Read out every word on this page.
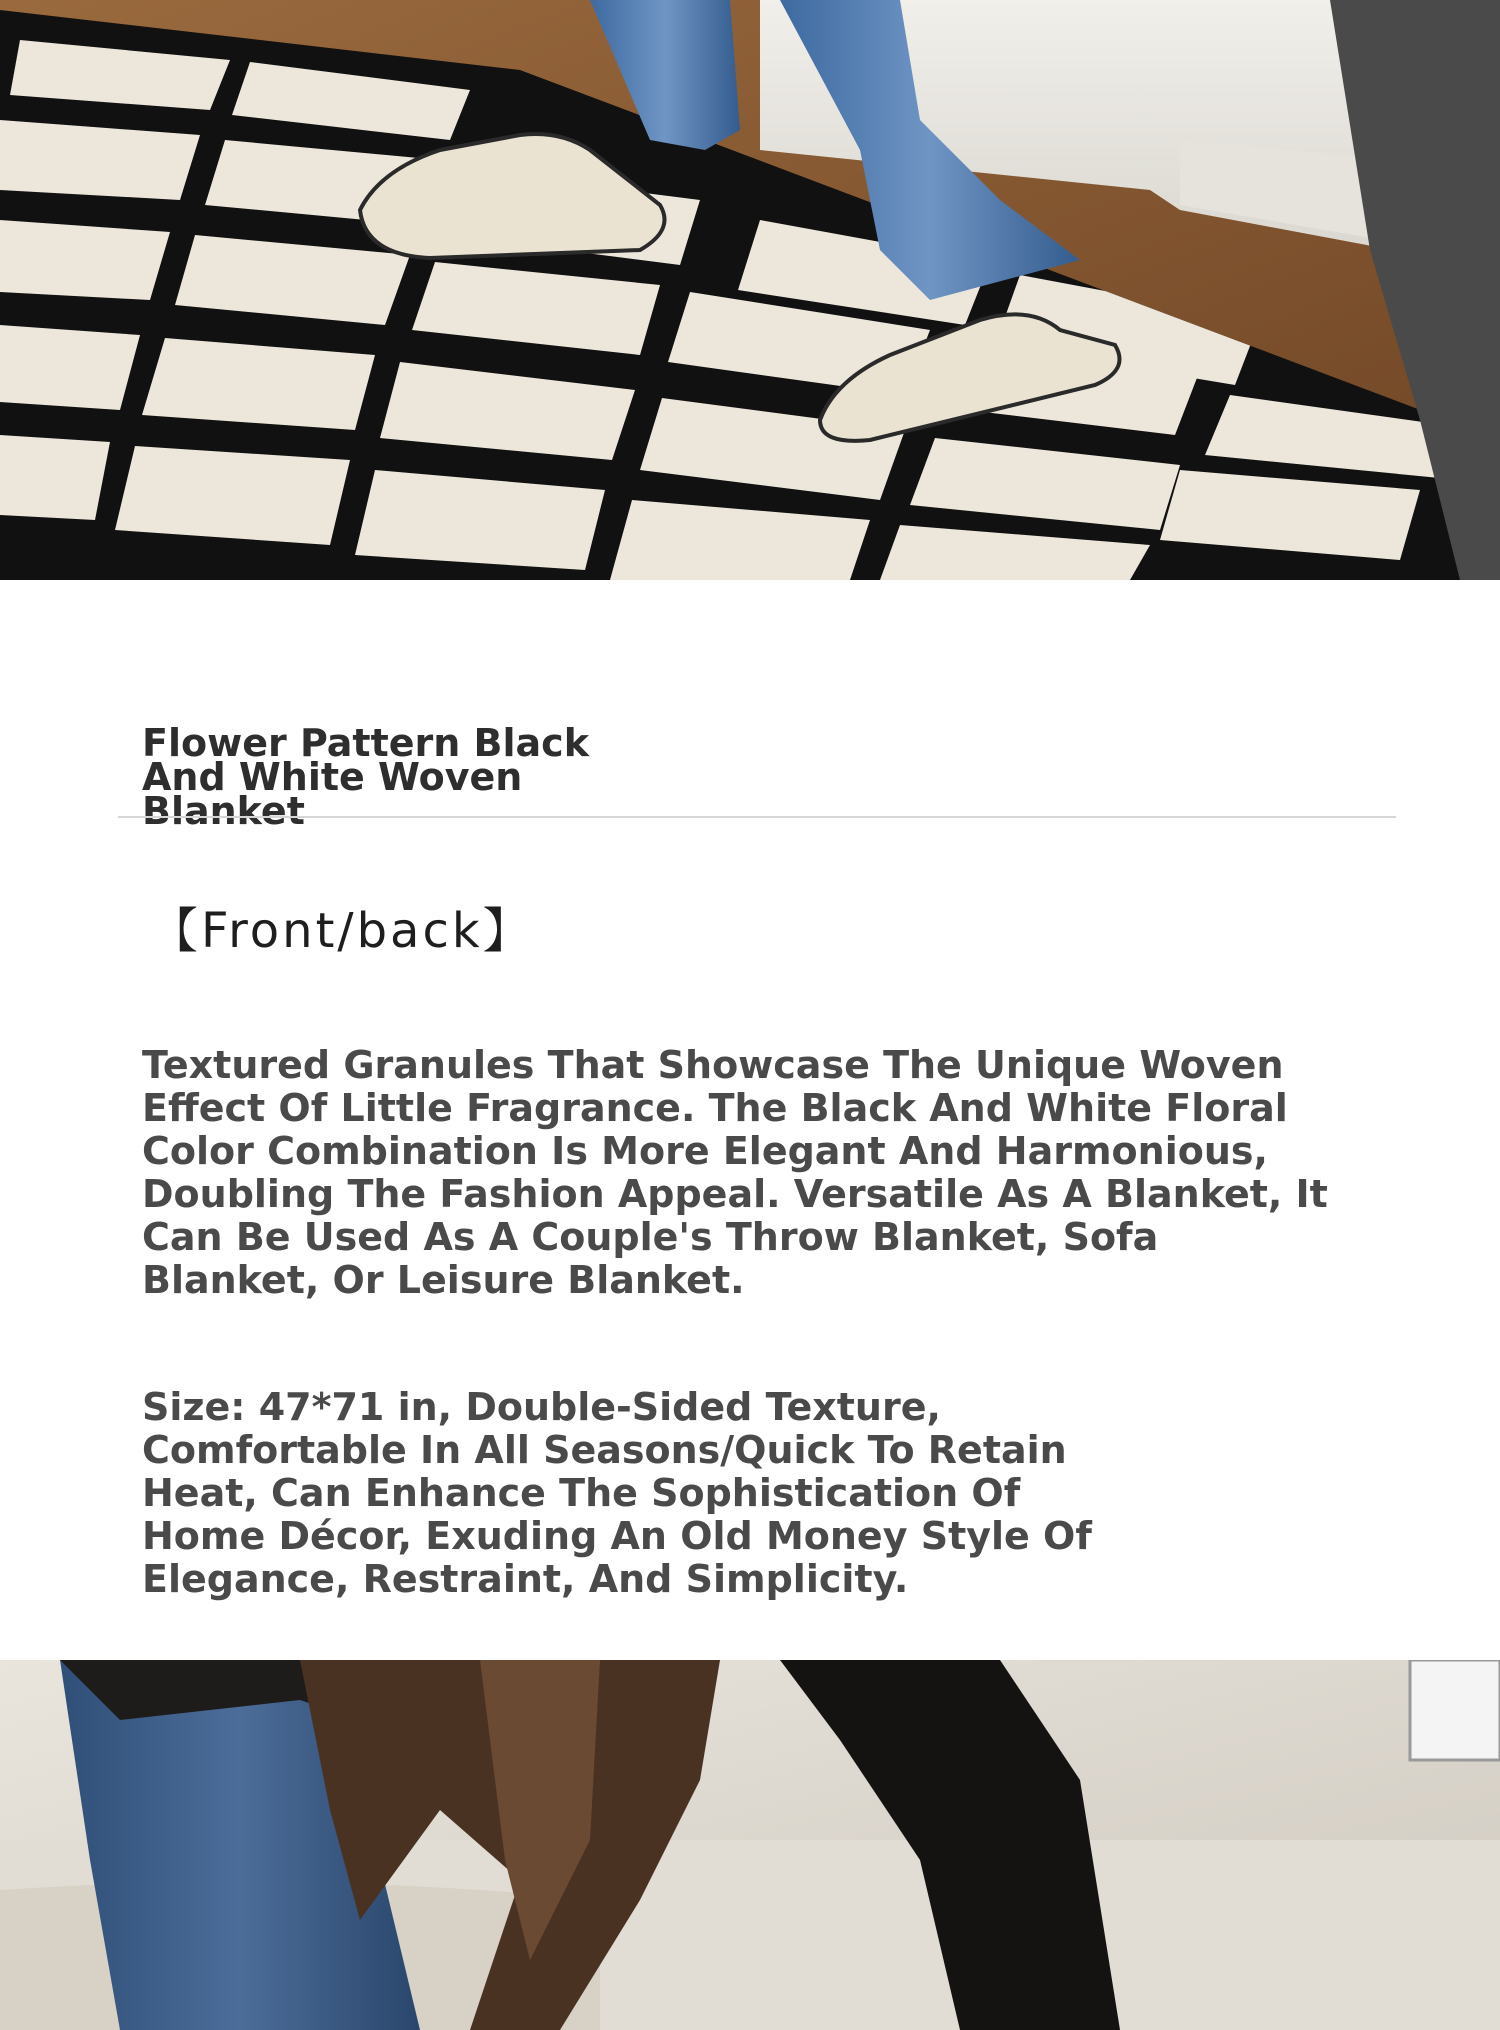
Flower Pattern Black And White Woven Blanket
【Front/back】

Textured Granules That Showcase The Unique Woven Effect Of Little Fragrance. The Black And White Floral Color Combination Is More Elegant And Harmonious, Doubling The Fashion Appeal. Versatile As A Blanket, It Can Be Used As A Couple's Throw Blanket, Sofa Blanket, Or Leisure Blanket.

Size: 47*71 in, Double-Sided Texture, Comfortable In All Seasons/Quick To Retain Heat, Can Enhance The Sophistication Of Home Décor, Exuding An Old Money Style Of Elegance, Restraint, And Simplicity.
